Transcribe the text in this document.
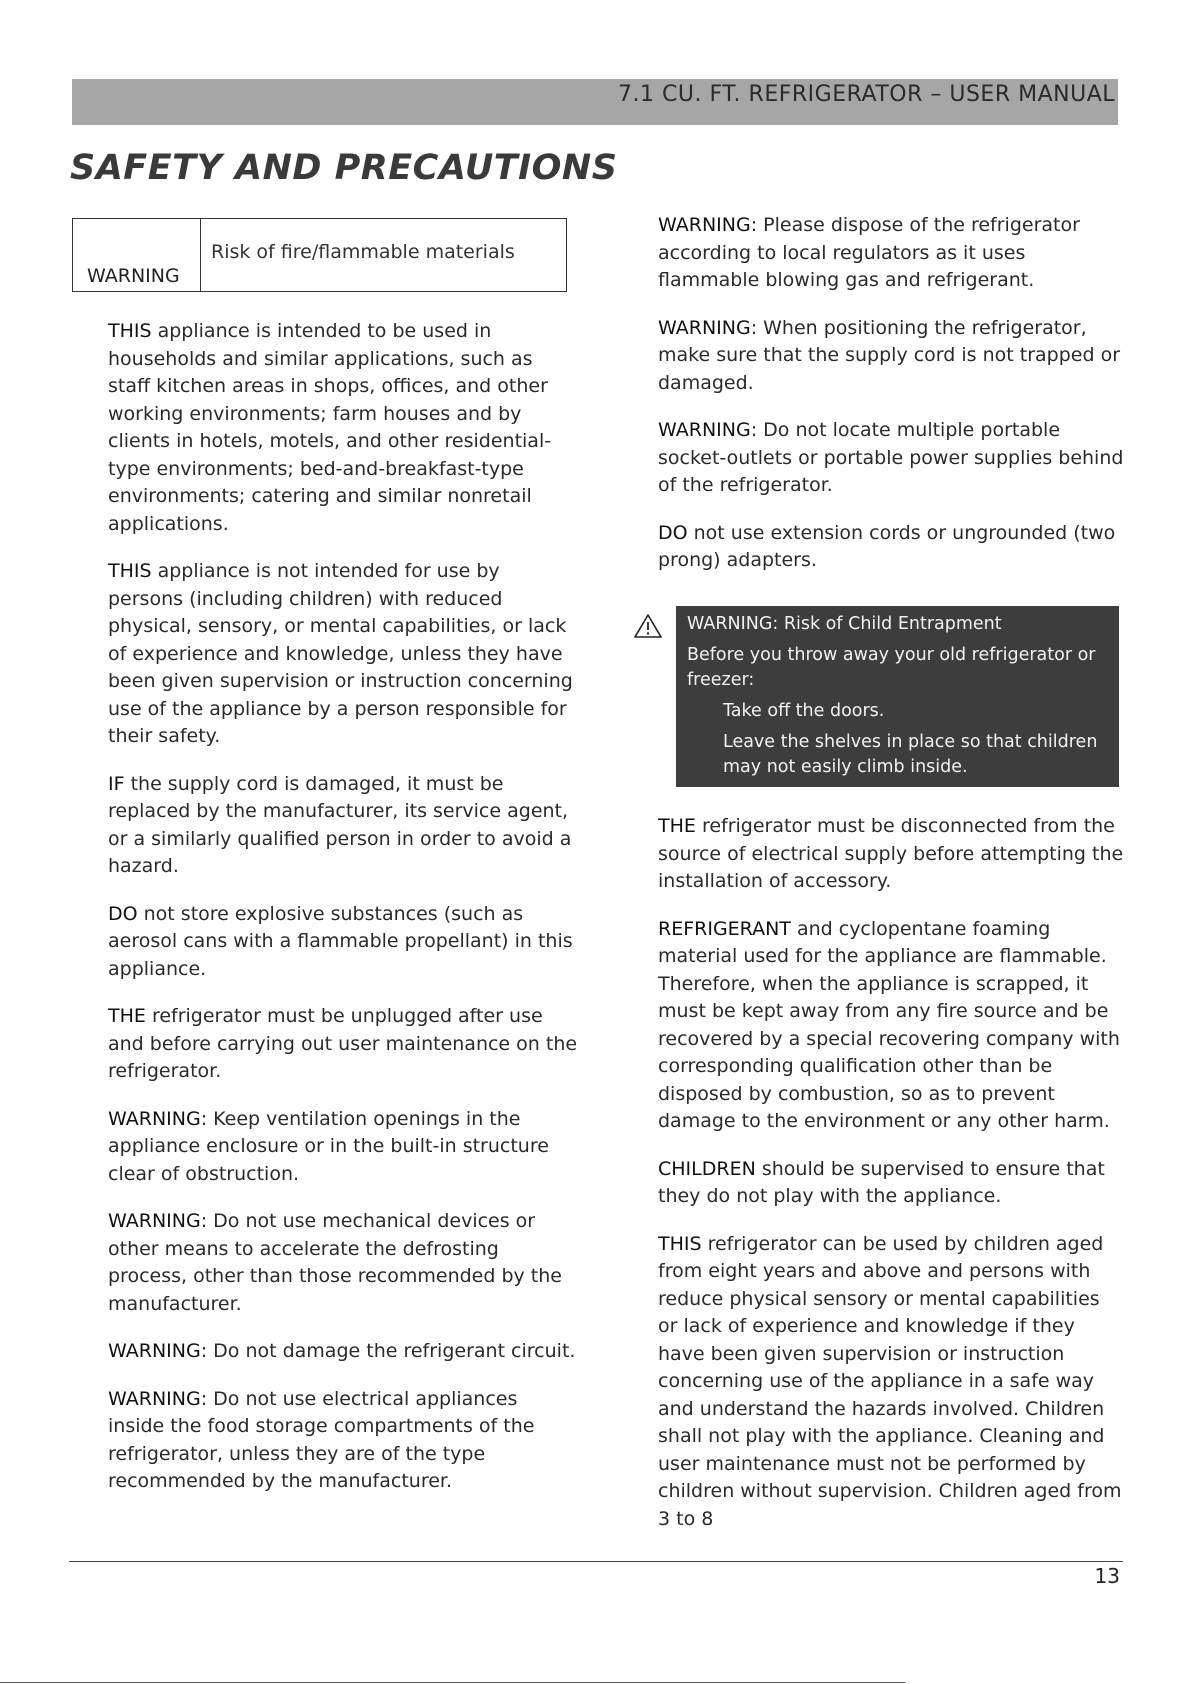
7.1 CU. FT. REFRIGERATOR – USER MANUAL
SAFETY AND PRECAUTIONS
WARNING
Risk of fire/flammable materials

THIS appliance is intended to be used in households and similar applications, such as staff kitchen areas in shops, offices, and other working environments; farm houses and by clients in hotels, motels, and other residential-type environments; bed-and-breakfast-type environments; catering and similar nonretail applications.

THIS appliance is not intended for use by persons (including children) with reduced physical, sensory, or mental capabilities, or lack of experience and knowledge, unless they have been given supervision or instruction concerning use of the appliance by a person responsible for their safety.

IF the supply cord is damaged, it must be replaced by the manufacturer, its service agent, or a similarly qualified person in order to avoid a hazard.

DO not store explosive substances (such as aerosol cans with a flammable propellant) in this appliance.

THE refrigerator must be unplugged after use and before carrying out user maintenance on the refrigerator.

WARNING: Keep ventilation openings in the appliance enclosure or in the built-in structure clear of obstruction.

WARNING: Do not use mechanical devices or other means to accelerate the defrosting process, other than those recommended by the manufacturer.

WARNING: Do not damage the refrigerant circuit.

WARNING: Do not use electrical appliances inside the food storage compartments of the refrigerator, unless they are of the type recommended by the manufacturer.

WARNING: Please dispose of the refrigerator according to local regulators as it uses flammable blowing gas and refrigerant.

WARNING: When positioning the refrigerator, make sure that the supply cord is not trapped or damaged.

WARNING: Do not locate multiple portable socket-outlets or portable power supplies behind of the refrigerator.

DO not use extension cords or ungrounded (two prong) adapters.

WARNING: Risk of Child Entrapment

Before you throw away your old refrigerator or freezer:

Take off the doors.
Leave the shelves in place so that children may not easily climb inside.

THE refrigerator must be disconnected from the source of electrical supply before attempting the installation of accessory.

REFRIGERANT and cyclopentane foaming material used for the appliance are flammable. Therefore, when the appliance is scrapped, it must be kept away from any fire source and be recovered by a special recovering company with corresponding qualification other than be disposed by combustion, so as to prevent damage to the environment or any other harm.

CHILDREN should be supervised to ensure that they do not play with the appliance.

THIS refrigerator can be used by children aged from eight years and above and persons with reduce physical sensory or mental capabilities or lack of experience and knowledge if they have been given supervision or instruction concerning use of the appliance in a safe way and understand the hazards involved. Children shall not play with the appliance. Cleaning and user maintenance must not be performed by children without supervision. Children aged from 3 to 8

13
